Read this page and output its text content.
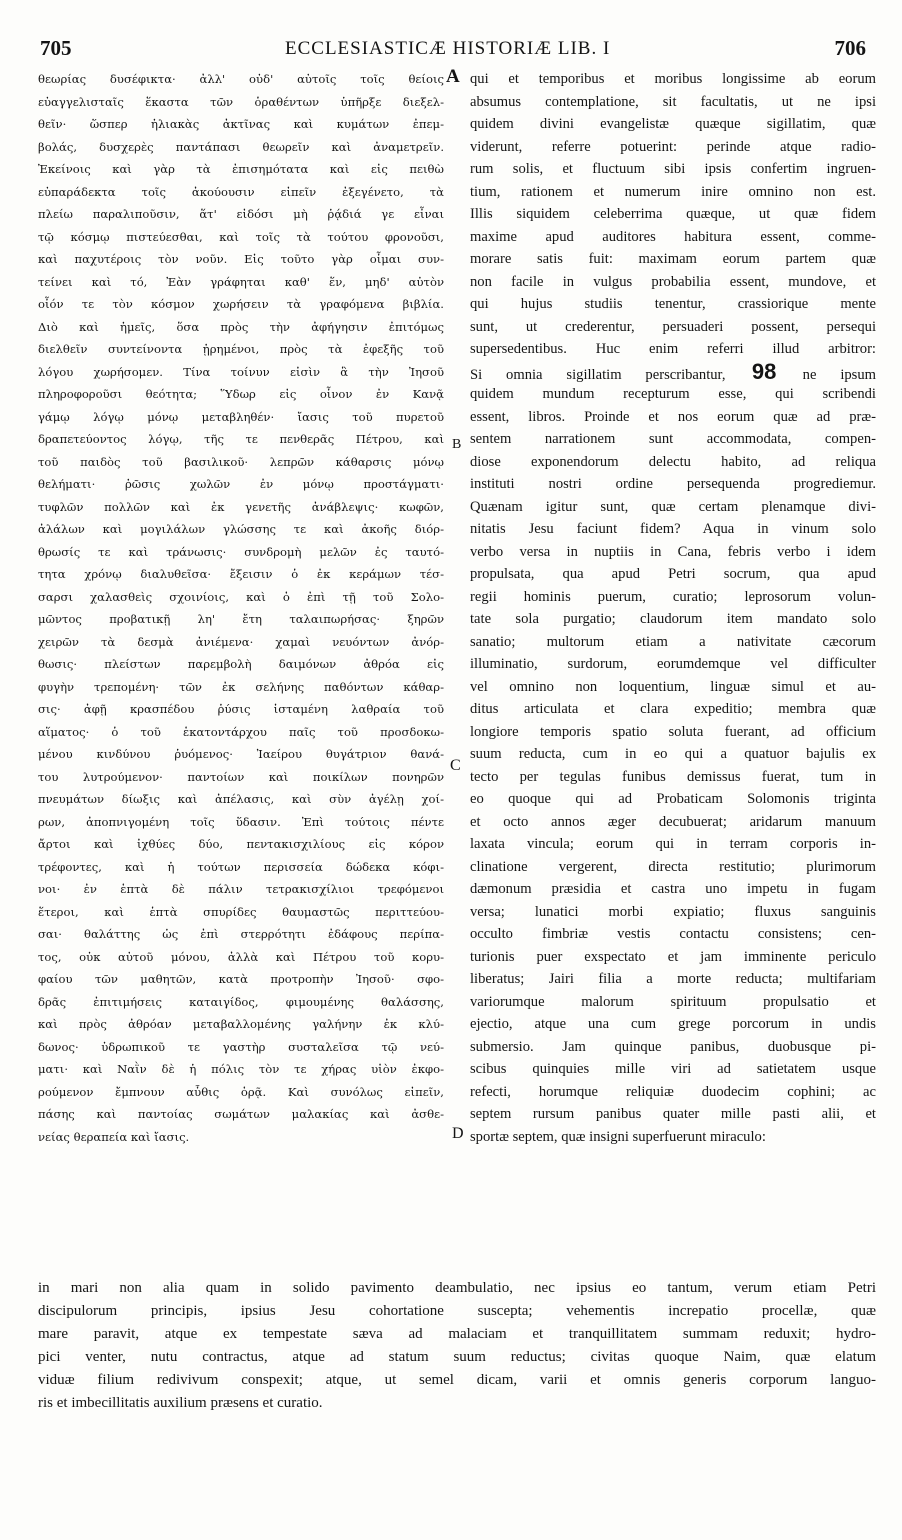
705	ECCLESIASTICÆ HISTORIÆ LIB. I	706
θεωρίας δυσέφικτα· ἀλλ' οὐδ' αὐτοῖς τοῖς θείοις
εὐαγγελισταῖς ἕκαστα τῶν ὁραθέντων ὑπῆρξε διεξελ-
θεῖν· ὥσπερ ἡλιακὰς ἀκτῖνας καὶ κυμάτων ἐπεμ-
βολάς, δυσχερὲς παντάπασι θεωρεῖν καὶ ἀναμετρεῖν.
Ἐκείνοις καὶ γὰρ τὰ ἐπισημότατα καὶ εἰς πειθὼ
εὐπαράδεκτα τοῖς ἀκούουσιν εἰπεῖν ἐξεγένετο, τὰ
πλείω παραλιποῦσιν, ἅτ' εἰδόσι μὴ ῥᾴδιά γε εἶναι
τῷ κόσμῳ πιστεύεσθαι, καὶ τοῖς τὰ τούτου φρονοῦσι,
καὶ παχυτέροις τὸν νοῦν. Εἰς τοῦτο γὰρ οἶμαι συν-
τείνει καὶ τό, Ἐὰν γράφηται καθ' ἕν, μηδ' αὐτὸν
οἶόν τε τὸν κόσμον χωρήσειν τὰ γραφόμενα βιβλία.
Διὸ καὶ ἡμεῖς, ὅσα πρὸς τὴν ἀφήγησιν ἐπιτόμως
διελθεῖν συντείνοντα ᾑρημένοι, πρὸς τὰ ἐφεξῆς τοῦ
λόγου χωρήσομεν. Τίνα τοίνυν εἰσὶν ἃ τὴν Ἰησοῦ
πληροφοροῦσι θεότητα; Ὕδωρ εἰς οἶνον ἐν Κανᾷ
γάμῳ λόγῳ μόνῳ μεταβληθέν· ἴασις τοῦ πυρετοῦ
δραπετεύοντος λόγῳ, τῆς τε πενθερᾶς Πέτρου, καὶ
τοῦ παιδὸς τοῦ βασιλικοῦ· λεπρῶν κάθαρσις μόνῳ
θελήματι· ῥῶσις χωλῶν ἐν μόνῳ προστάγματι·
τυφλῶν πολλῶν καὶ ἐκ γενετῆς ἀνάβλεψις· κωφῶν,
ἀλάλων καὶ μογιλάλων γλώσσης τε καὶ ἀκοῆς διόρ-
θρωσίς τε καὶ τράνωσις· συνδρομὴ μελῶν ἐς ταυτό-
τητα χρόνῳ διαλυθεῖσα· ἔξεισιν ὁ ἐκ κεράμων τέσ-
σαρσι χαλασθεὶς σχοινίοις, καὶ ὁ ἐπὶ τῇ τοῦ Σολο-
μῶντος προβατικῇ λη' ἔτη ταλαιπωρήσας· ξηρῶν
χειρῶν τὰ δεσμὰ ἀνιέμενα· χαμαὶ νευόντων ἀνόρ-
θωσις· πλείστων παρεμβολὴ δαιμόνων ἀθρόα εἰς
φυγὴν τρεπομένη· τῶν ἐκ σελήνης παθόντων κάθαρ-
σις· ἀφῇ κρασπέδου ῥύσις ἱσταμένη λαθραία τοῦ
αἵματος· ὁ τοῦ ἑκατοντάρχου παῖς τοῦ προσδοκω-
μένου κινδύνου ῥυόμενος· Ἰαείρου θυγάτριον θανά-
του λυτρούμενον· παντοίων καὶ ποικίλων πονηρῶν
πνευμάτων δίωξις καὶ ἀπέλασις, καὶ σὺν ἀγέλῃ χοί-
ρων, ἀποπνιγομένη τοῖς ὕδασιν. Ἐπὶ τούτοις πέντε
ἄρτοι καὶ ἰχθύες δύο, πεντακισχιλίους εἰς κόρον
τρέφοντες, καὶ ἡ τούτων περισσεία δώδεκα κόφι-
νοι· ἐν ἑπτὰ δὲ πάλιν τετρακισχίλιοι τρεφόμενοι
ἕτεροι, καὶ ἑπτὰ σπυρίδες θαυμαστῶς περιττεύου-
σαι· θαλάττης ὡς ἐπὶ στερρότητι ἐδάφους περίπα-
τος, οὐκ αὐτοῦ μόνου, ἀλλὰ καὶ Πέτρου τοῦ κορυ-
φαίου τῶν μαθητῶν, κατὰ προτροπὴν Ἰησοῦ· σφο-
δρᾶς ἐπιτιμήσεις καταιγίδος, φιμουμένης θαλάσσης,
καὶ πρὸς ἀθρόαν μεταβαλλομένης γαλήνην ἐκ κλύ-
δωνος· ὑδρωπικοῦ τε γαστὴρ συσταλεῖσα τῷ νεύ-
ματι· καὶ Ναῒν δὲ ἡ πόλις τὸν τε χήρας υἱὸν ἐκφο-
ρούμενον ἔμπνουν αὖθις ὁρᾷ. Καὶ συνόλως εἰπεῖν,
πάσης καὶ παντοίας σωμάτων μαλακίας καὶ ἀσθε-
νείας θεραπεία καὶ ἴασις.
qui et temporibus et moribus longissime ab eorum
absumus contemplatione, sit facultatis, ut ne ipsi
quidem divini evangelistæ quæque sigillatim, quæ
viderunt, referre potuerint: perinde atque radio-
rum solis, et fluctuum sibi ipsis confertim ingruen-
tium, rationem et numerum inire omnino non est.
Illis siquidem celeberrima quæque, ut quæ fidem
maxime apud auditores habitura essent, comme-
morare satis fuit: maximam eorum partem quæ
non facile in vulgus probabilia essent, mundove, et
qui hujus studiis tenentur, crassiorique mente
sunt, ut crederentur, persuaderi possent, persequi
supersedentibus. Huc enim referri illud arbitror:
Si omnia sigillatim perscribantur, 98 ne ipsum
quidem mundum recepturum esse, qui scribendi
essent, libros. Proinde et nos eorum quæ ad præ-
sentem narrationem sunt accommodata, compen-
diose exponendorum delectu habito, ad reliqua
instituti nostri ordine persequenda progrediemur.
Quænam igitur sunt, quæ certam plenamque divi-
nitatis Jesu faciunt fidem? Aqua in vinum solo
verbo versa in nuptiis in Cana, febris verbo i idem
propulsata, qua apud Petri socrum, qua apud
regii hominis puerum, curatio; leprosorum volun-
tate sola purgatio; claudorum item mandato solo
sanatio; multorum etiam a nativitate cæcorum
illuminatio, surdorum, eorumdemque vel difficulter
vel omnino non loquentium, linguæ simul et au-
ditus articulata et clara expeditio; membra quæ
longiore temporis spatio soluta fuerant, ad officium
suum reducta, cum in eo qui a quatuor bajulis ex
tecto per tegulas funibus demissus fuerat, tum in
eo quoque qui ad Probaticam Solomonis triginta
et octo annos æger decubuerat; aridarum manuum
laxata vincula; eorum qui in terram corporis in-
clinatione vergerent, directa restitutio; plurimorum
dæmonum præsidia et castra uno impetu in fugam
versa; lunatici morbi expiatio; fluxus sanguinis
occulto fimbriæ vestis contactu consistens; cen-
turionis puer exspectato et jam imminente periculo
liberatus; Jairi filia a morte reducta; multifariam
variorumque malorum spirituum propulsatio et
ejectio, atque una cum grege porcorum in undis
submersio. Jam quinque panibus, duobusque pi-
scibus quinquies mille viri ad satietatem usque
refecti, horumque reliquiæ duodecim cophini; ac
septem rursum panibus quater mille pasti alii, et
sportæ septem, quæ insigni superfuerunt miraculo:
A
B
C
D
in mari non alia quam in solido pavimento deambulatio, nec ipsius eo tantum, verum etiam Petri
discipulorum principis, ipsius Jesu cohortatione suscepta; vehementis increpatio procellæ, quæ
mare paravit, atque ex tempestate sæva ad malaciam et tranquillitatem summam reduxit; hydro-
pici venter, nutu contractus, atque ad statum suum reductus; civitas quoque Naim, quæ elatum
viduæ filium redivivum conspexit; atque, ut semel dicam, varii et omnis generis corporum languo-
ris et imbecillitatis auxilium præsens et curatio.
